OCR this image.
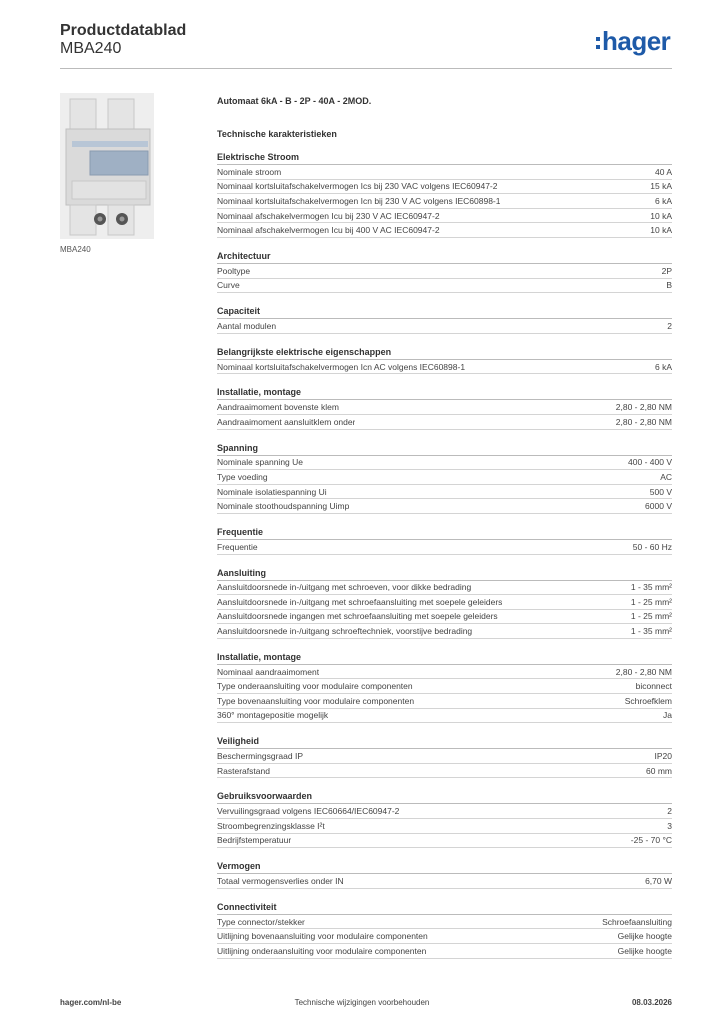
Productdatablad
MBA240	hager
MBA240
Automaat 6kA - B - 2P - 40A - 2MOD.
Technische karakteristieken
Elektrische Stroom
Nominale stroom	40 A
Nominaal kortsluitafschakelvermogen Ics bij 230 VAC volgens IEC60947-2	15 kA
Nominaal kortsluitafschakelvermogen Icn bij 230 V AC volgens IEC60898-1	6 kA
Nominaal afschakelvermogen Icu bij 230 V AC IEC60947-2	10 kA
Nominaal afschakelvermogen Icu bij 400 V AC IEC60947-2	10 kA
Architectuur
Pooltype	2P
Curve	B
Capaciteit
Aantal modulen	2
Belangrijkste elektrische eigenschappen
Nominaal kortsluitafschakelvermogen Icn AC volgens IEC60898-1	6 kA
Installatie, montage
Aandraaimoment bovenste klem	2,80 - 2,80 NM
Aandraaimoment aansluitklem onder	2,80 - 2,80 NM
Spanning
Nominale spanning Ue	400 - 400 V
Type voeding	AC
Nominale isolatiespanning Ui	500 V
Nominale stoothoudspanning Uimp	6000 V
Frequentie
Frequentie	50 - 60 Hz
Aansluiting
Aansluitdoorsnede in-/uitgang met schroeven, voor dikke bedrading	1 - 35 mm²
Aansluitdoorsnede in-/uitgang met schroefaansluiting met soepele geleiders	1 - 25 mm²
Aansluitdoorsnede ingangen met schroefaansluiting met soepele geleiders	1 - 25 mm²
Aansluitdoorsnede in-/uitgang schroeftechniek, voorstijve bedrading	1 - 35 mm²
Installatie, montage
Nominaal aandraaimoment	2,80 - 2,80 NM
Type onderaansluiting voor modulaire componenten	biconnect
Type bovenaansluiting voor modulaire componenten	Schroefklem
360° montagepositie mogelijk	Ja
Veiligheid
Beschermingsgraad IP	IP20
Rasterafstand	60 mm
Gebruiksvoorwaarden
Vervuilingsgraad volgens IEC60664/IEC60947-2	2
Stroombegrenzingsklasse I²t	3
Bedrijfstemperatuur	-25 - 70 °C
Vermogen
Totaal vermogensverlies onder IN	6,70 W
Connectiviteit
Type connector/stekker	Schroefaansluiting
Uitlijning bovenaansluiting voor modulaire componenten	Gelijke hoogte
Uitlijning onderaansluiting voor modulaire componenten	Gelijke hoogte
hager.com/nl-be	Technische wijzigingen voorbehouden	08.03.2026
